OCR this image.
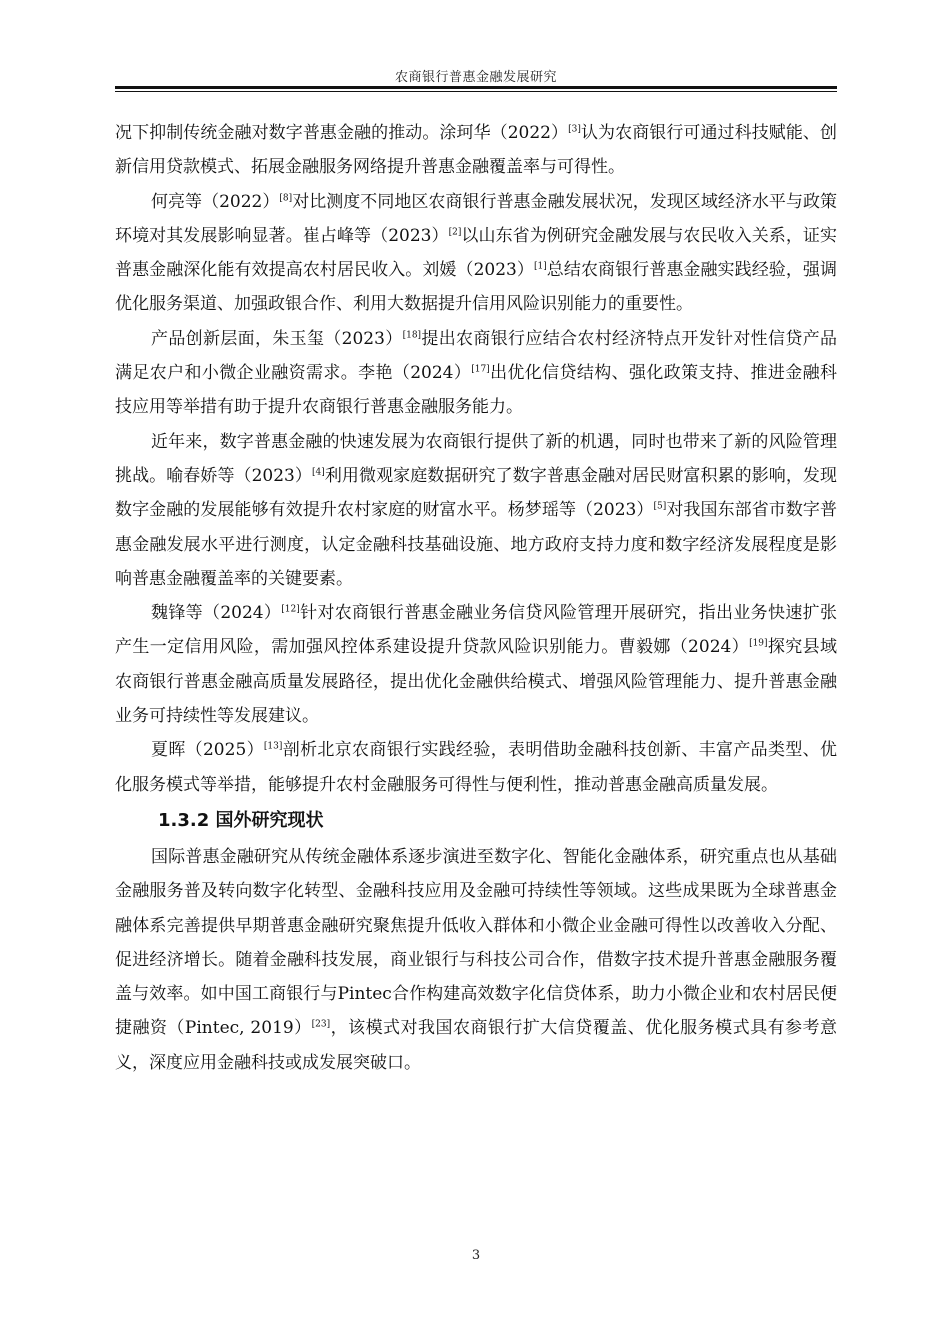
农商银行普惠金融发展研究

况下抑制传统金融对数字普惠金融的推动。涂珂华（2022）[3]认为农商银行可通过科技赋能、创新信用贷款模式、拓展金融服务网络提升普惠金融覆盖率与可得性。

何亮等（2022）[8]对比测度不同地区农商银行普惠金融发展状况，发现区域经济水平与政策环境对其发展影响显著。崔占峰等（2023）[2]以山东省为例研究金融发展与农民收入关系，证实普惠金融深化能有效提高农村居民收入。刘媛（2023）[1]总结农商银行普惠金融实践经验，强调优化服务渠道、加强政银合作、利用大数据提升信用风险识别能力的重要性。

产品创新层面，朱玉玺（2023）[18]提出农商银行应结合农村经济特点开发针对性信贷产品满足农户和小微企业融资需求。李艳（2024）[17]出优化信贷结构、强化政策支持、推进金融科技应用等举措有助于提升农商银行普惠金融服务能力。

近年来，数字普惠金融的快速发展为农商银行提供了新的机遇，同时也带来了新的风险管理挑战。喻春娇等（2023）[4]利用微观家庭数据研究了数字普惠金融对居民财富积累的影响，发现数字金融的发展能够有效提升农村家庭的财富水平。杨梦瑶等（2023）[5]对我国东部省市数字普惠金融发展水平进行测度，认定金融科技基础设施、地方政府支持力度和数字经济发展程度是影响普惠金融覆盖率的关键要素。

魏锋等（2024）[12]针对农商银行普惠金融业务信贷风险管理开展研究，指出业务快速扩张产生一定信用风险，需加强风控体系建设提升贷款风险识别能力。曹毅娜（2024）[19]探究县域农商银行普惠金融高质量发展路径，提出优化金融供给模式、增强风险管理能力、提升普惠金融业务可持续性等发展建议。

夏晖（2025）[13]剖析北京农商银行实践经验，表明借助金融科技创新、丰富产品类型、优化服务模式等举措，能够提升农村金融服务可得性与便利性，推动普惠金融高质量发展。

1.3.2 国外研究现状

国际普惠金融研究从传统金融体系逐步演进至数字化、智能化金融体系，研究重点也从基础金融服务普及转向数字化转型、金融科技应用及金融可持续性等领域。这些成果既为全球普惠金融体系完善提供早期普惠金融研究聚焦提升低收入群体和小微企业金融可得性以改善收入分配、促进经济增长。随着金融科技发展，商业银行与科技公司合作，借数字技术提升普惠金融服务覆盖与效率。如中国工商银行与Pintec合作构建高效数字化信贷体系，助力小微企业和农村居民便捷融资（Pintec, 2019）[23]，该模式对我国农商银行扩大信贷覆盖、优化服务模式具有参考意义，深度应用金融科技或成发展突破口。

3
